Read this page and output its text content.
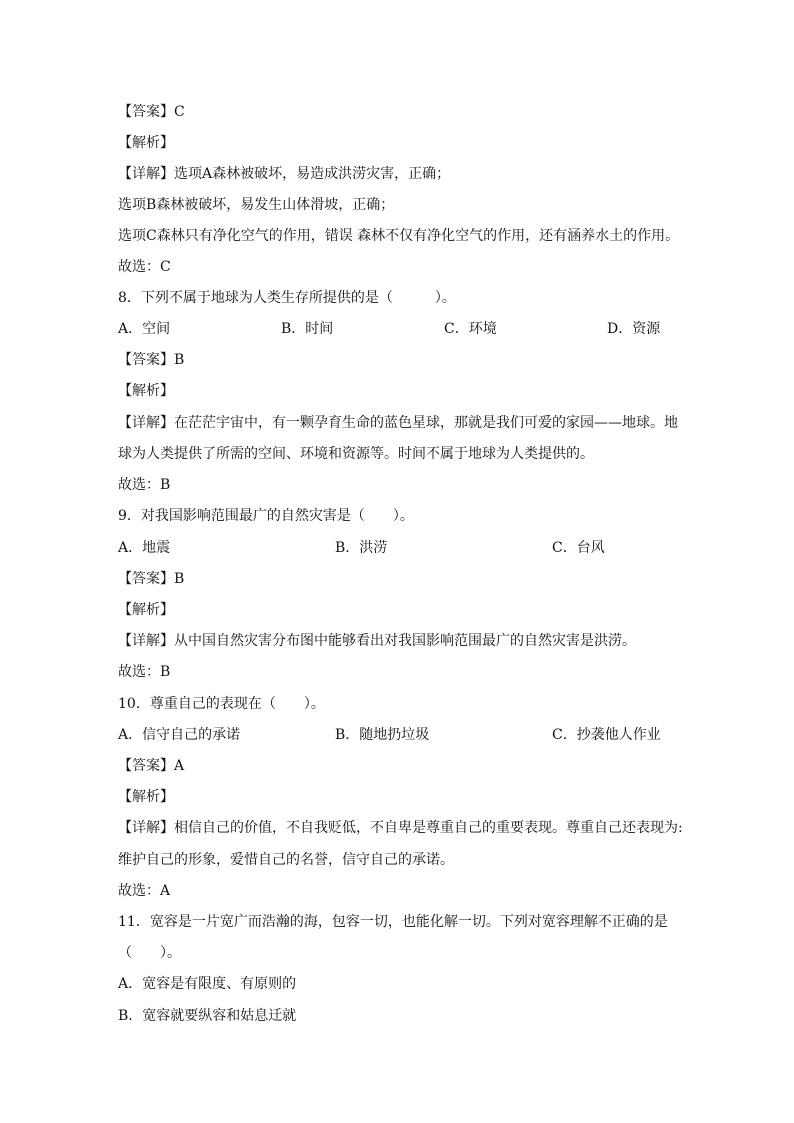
【答案】C
【解析】
【详解】选项A森林被破坏，易造成洪涝灾害，正确；
选项B森林被破坏，易发生山体滑坡，正确；
选项C森林只有净化空气的作用，错误 森林不仅有净化空气的作用，还有涵养水土的作用。
故选：C
8．下列不属于地球为人类生存所提供的是（　　　）。
A．空间	B．时间	C．环境	D．资源
【答案】B
【解析】
【详解】在茫茫宇宙中，有一颗孕育生命的蓝色星球，那就是我们可爱的家园——地球。地
球为人类提供了所需的空间、环境和资源等。时间不属于地球为人类提供的。
故选：B
9．对我国影响范围最广的自然灾害是（　　）。
A．地震	B．洪涝	C．台风
【答案】B
【解析】
【详解】从中国自然灾害分布图中能够看出对我国影响范围最广的自然灾害是洪涝。
故选：B
10．尊重自己的表现在（　　）。
A．信守自己的承诺	B．随地扔垃圾	C．抄袭他人作业
【答案】A
【解析】
【详解】相信自己的价值，不自我贬低，不自卑是尊重自己的重要表现。尊重自己还表现为:
维护自己的形象，爱惜自己的名誉，信守自己的承诺。
故选：A
11．宽容是一片宽广而浩瀚的海，包容一切，也能化解一切。下列对宽容理解不正确的是
（　　）。
A．宽容是有限度、有原则的
B．宽容就要纵容和姑息迁就
